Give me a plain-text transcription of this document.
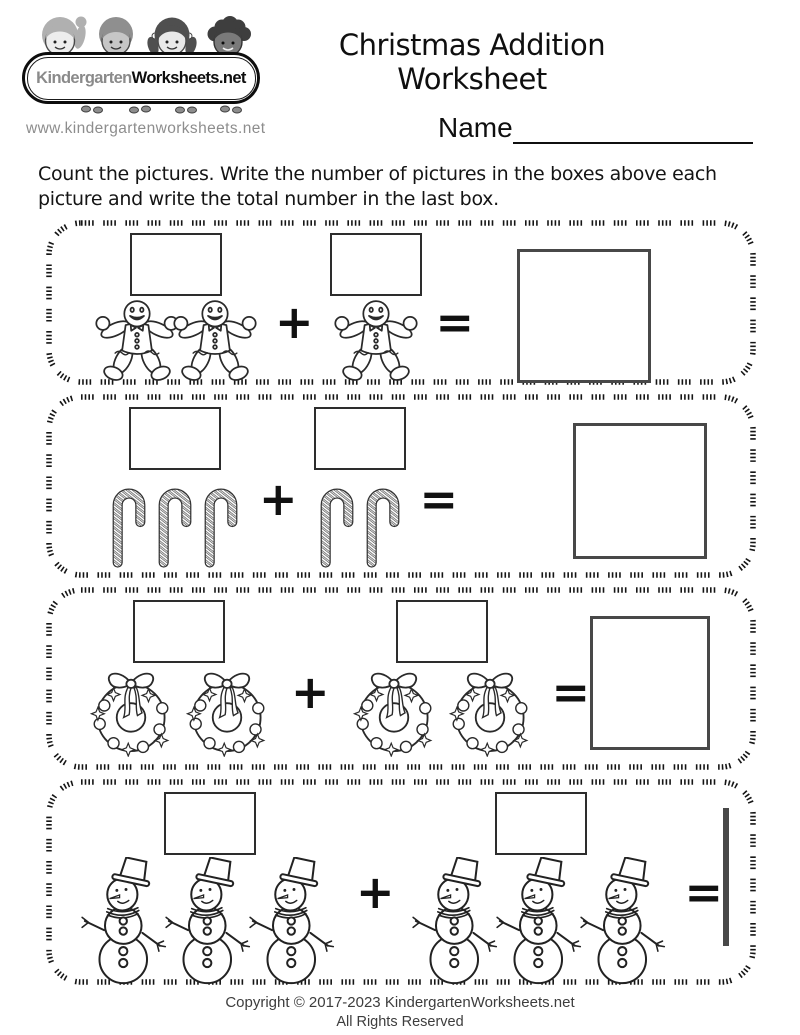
KindergartenWorksheets.net
www.kindergartenworksheets.net
Christmas Addition Worksheet
Name

Count the pictures. Write the number of pictures in the boxes above each picture and write the total number in the last box.

+	=
+	=
+	=
+	=
Copyright © 2017-2023 KindergartenWorksheets.net
All Rights Reserved
